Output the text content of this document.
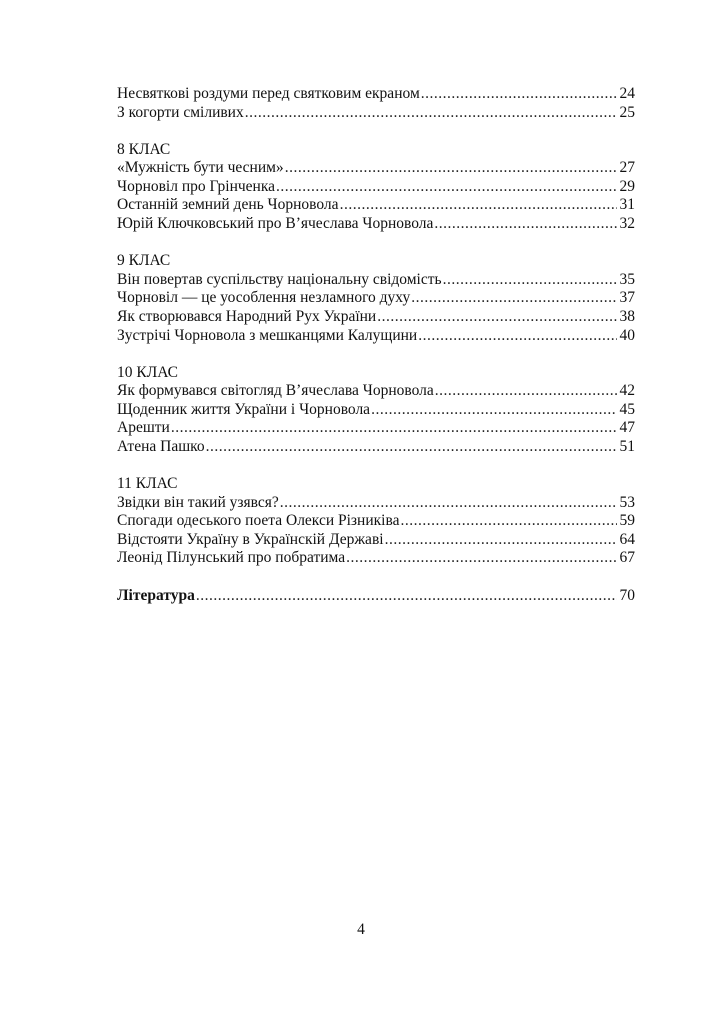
Несвяткові роздуми перед святковим екраном .....	24
З когорти сміливих .....	25
8 КЛАС
«Мужність бути чесним» .....	27
Чорновіл про Грінченка .....	29
Останній земний день Чорновола .....	31
Юрій Ключковський про В’ячеслава Чорновола .....	32
9 КЛАС
Він повертав суспільству національну свідомість .....	35
Чорновіл — це уособлення незламного духу .....	37
Як створювався Народний Рух України .....	38
Зустрічі Чорновола з мешканцями Калущини .....	40
10 КЛАС
Як формувався світогляд В’ячеслава Чорновола .....	42
Щоденник життя України і Чорновола .....	45
Арешти .....	47
Атена Пашко .....	51
11 КЛАС
Звідки він такий узявся? .....	53
Спогади одеського поета Олекси Різниківа .....	59
Відстояти Україну в Українскій Державі .....	64
Леонід Пілунський про побратима .....	67
Література .....	70
4
